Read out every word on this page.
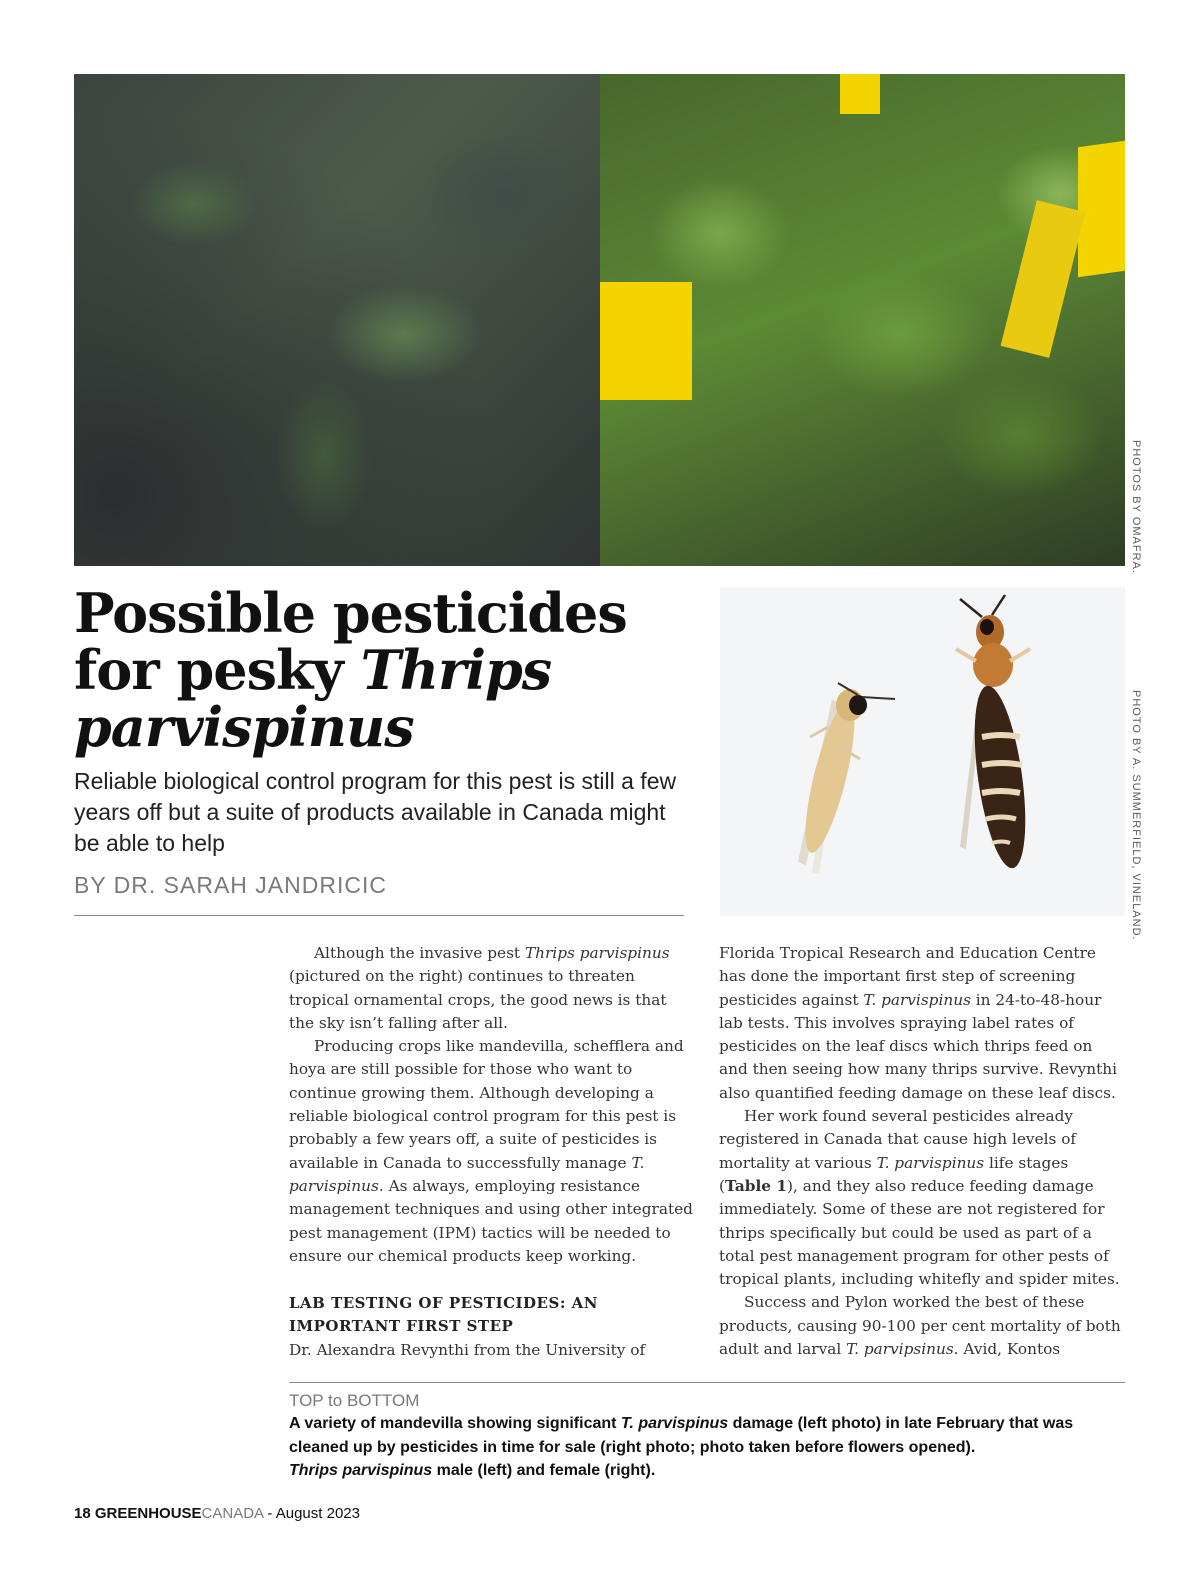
PHOTOS BY OMAFRA.
PHOTO BY A. SUMMERFIELD, VINELAND.
Possible pesticides
for pesky Thrips
parvispinus

Reliable biological control program for this pest is still a few years off but a suite of products available in Canada might be able to help

BY DR. SARAH JANDRICIC

Although the invasive pest Thrips parvispinus (pictured on the right) continues to threaten tropical ornamental crops, the good news is that the sky isn’t falling after all.

Producing crops like mandevilla, schefflera and hoya are still possible for those who want to continue growing them. Although developing a reliable biological control program for this pest is probably a few years off, a suite of pesticides is available in Canada to successfully manage T. parvispinus. As always, employing resistance management techniques and using other integrated pest management (IPM) tactics will be needed to ensure our chemical products keep working.

LAB TESTING OF PESTICIDES: AN
IMPORTANT FIRST STEP

Dr. Alexandra Revynthi from the University of

Florida Tropical Research and Education Centre has done the important first step of screening pesticides against T. parvispinus in 24-to-48-hour lab tests. This involves spraying label rates of pesticides on the leaf discs which thrips feed on and then seeing how many thrips survive. Revynthi also quantified feeding damage on these leaf discs.

Her work found several pesticides already registered in Canada that cause high levels of mortality at various T. parvispinus life stages (Table 1), and they also reduce feeding damage immediately. Some of these are not registered for thrips specifically but could be used as part of a total pest management program for other pests of tropical plants, including whitefly and spider mites.

Success and Pylon worked the best of these products, causing 90-100 per cent mortality of both adult and larval T. parvipsinus. Avid, Kontos

TOP to BOTTOM
A variety of mandevilla showing significant T. parvispinus damage (left photo) in late February that was
cleaned up by pesticides in time for sale (right photo; photo taken before flowers opened).
Thrips parvispinus male (left) and female (right).
18 GREENHOUSECANADA - August 2023
